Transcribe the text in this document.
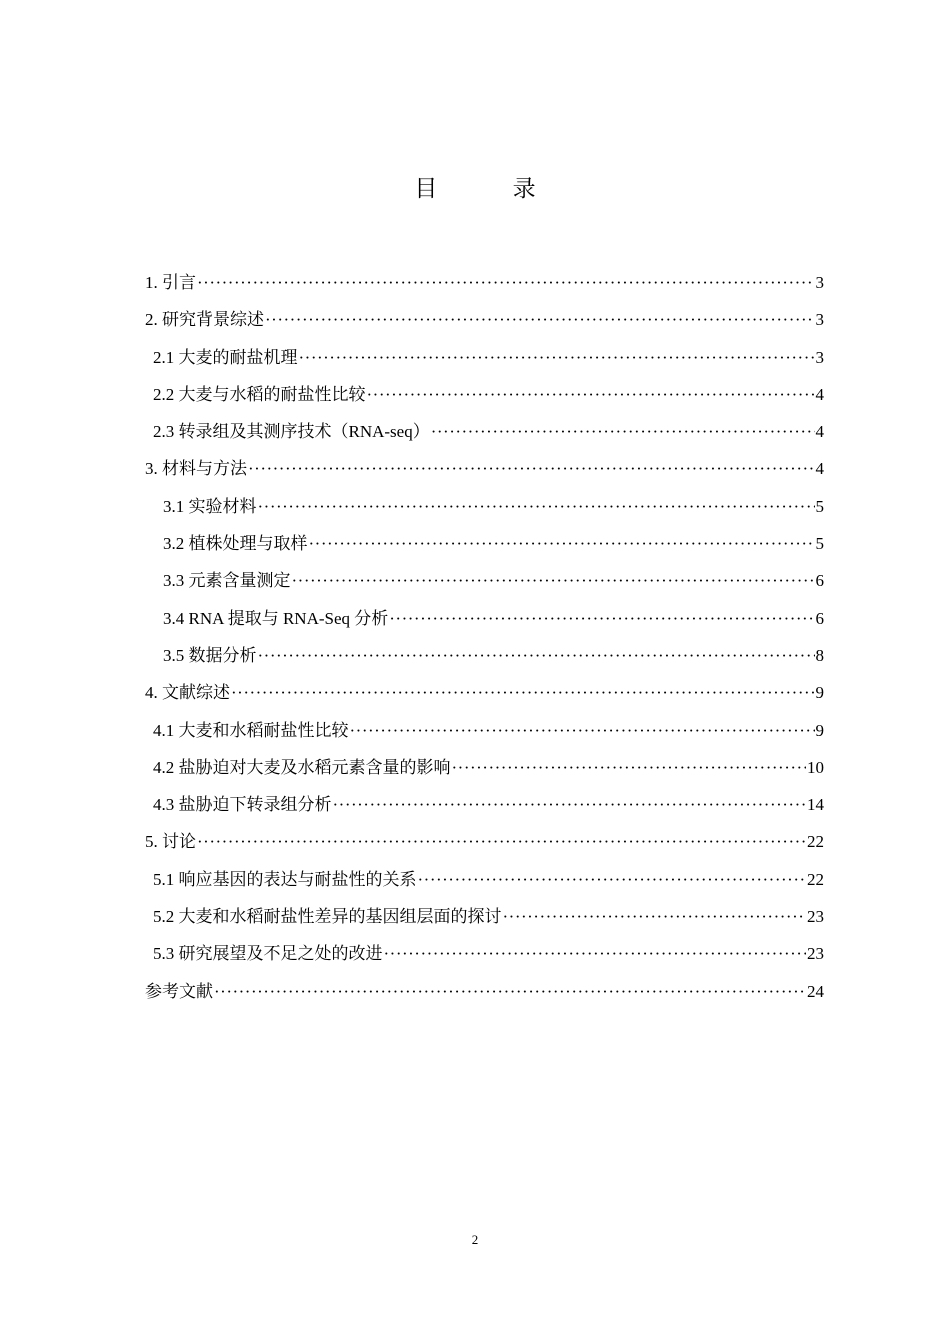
目 录
1. 引言 ·····	3
2. 研究背景综述 ·····	3
2.1 大麦的耐盐机理 ·····	3
2.2 大麦与水稻的耐盐性比较 ·····	4
2.3 转录组及其测序技术（RNA-seq） ·····	4
3. 材料与方法 ·····	4
3.1 实验材料 ·····	5
3.2 植株处理与取样 ·····	5
3.3 元素含量测定 ·····	6
3.4 RNA 提取与 RNA-Seq 分析 ·····	6
3.5 数据分析 ·····	8
4. 文献综述 ·····	9
4.1 大麦和水稻耐盐性比较 ·····	9
4.2 盐胁迫对大麦及水稻元素含量的影响 ·····	10
4.3 盐胁迫下转录组分析 ·····	14
5. 讨论 ·····	22
5.1 响应基因的表达与耐盐性的关系 ·····	22
5.2 大麦和水稻耐盐性差异的基因组层面的探讨 ·····	23
5.3 研究展望及不足之处的改进 ·····	23
参考文献 ·····	24
2
